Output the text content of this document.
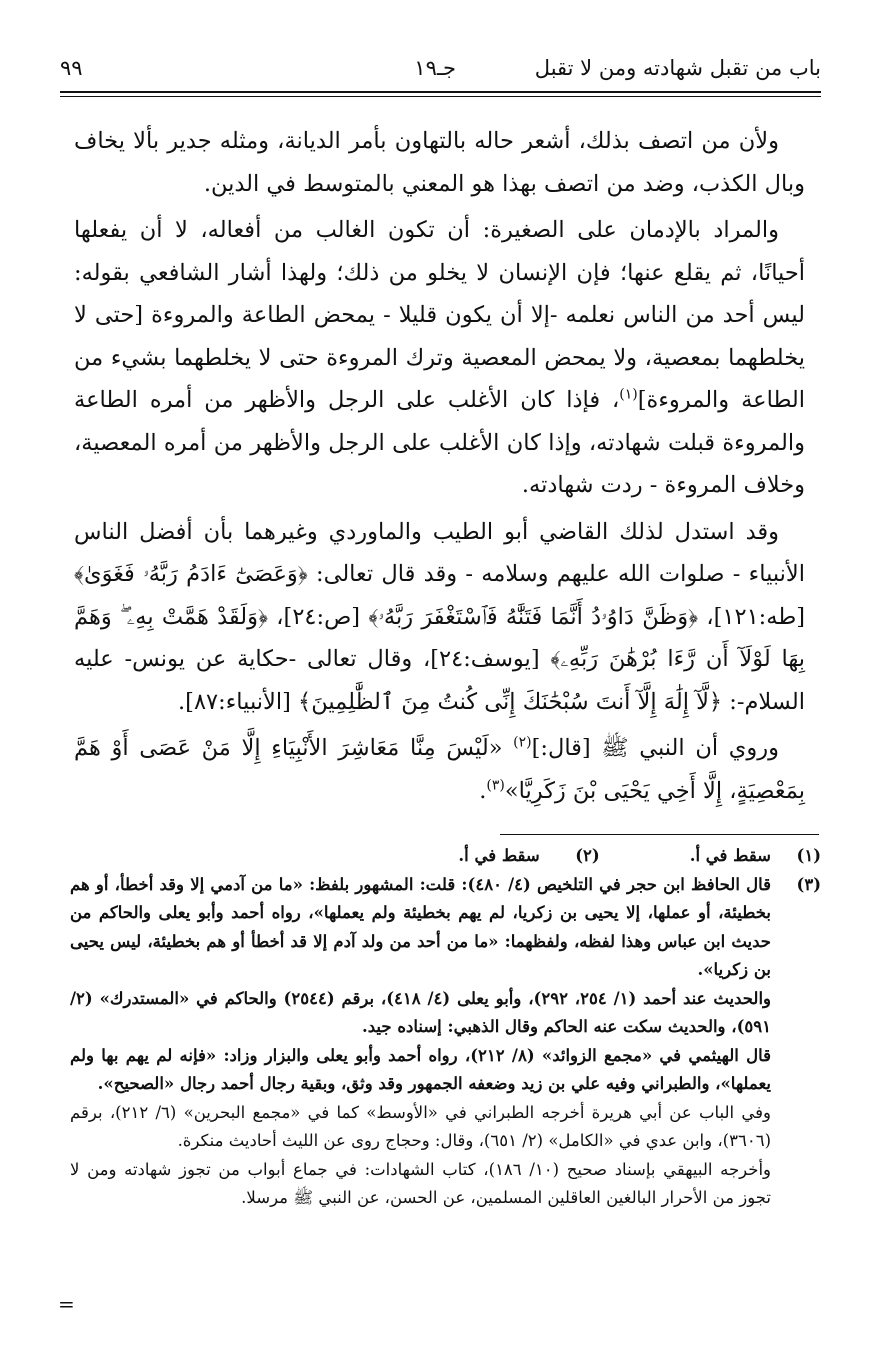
باب من تقبل شهادته ومن لا تقبل
جـ١٩
٩٩

ولأن من اتصف بذلك، أشعر حاله بالتهاون بأمر الديانة، ومثله جدير بألا يخاف وبال الكذب، وضد من اتصف بهذا هو المعني بالمتوسط في الدين.

والمراد بالإدمان على الصغيرة: أن تكون الغالب من أفعاله، لا أن يفعلها أحيانًا، ثم يقلع عنها؛ فإن الإنسان لا يخلو من ذلك؛ ولهذا أشار الشافعي بقوله: ليس أحد من الناس نعلمه -إلا أن يكون قليلا - يمحض الطاعة والمروءة [حتى لا يخلطهما بمعصية، ولا يمحض المعصية وترك المروءة حتى لا يخلطهما بشيء من الطاعة والمروءة]$^{(١)}$، فإذا كان الأغلب على الرجل والأظهر من أمره الطاعة والمروءة قبلت شهادته، وإذا كان الأغلب على الرجل والأظهر من أمره المعصية، وخلاف المروءة - ردت شهادته.

وقد استدل لذلك القاضي أبو الطيب والماوردي وغيرهما بأن أفضل الناس الأنبياء - صلوات الله عليهم وسلامه - وقد قال تعالى: ﴿وَعَصَىٰٓ ءَادَمُ رَبَّهُۥ فَغَوَىٰ﴾ [طه:١٢١]، ﴿وَظَنَّ دَاوُۥدُ أَنَّمَا فَتَنَّٰهُ فَٱسْتَغْفَرَ رَبَّهُۥ﴾ [ص:٢٤]، ﴿وَلَقَدْ هَمَّتْ بِهِۦ ۖ وَهَمَّ بِهَا لَوْلَآ أَن رَّءَا بُرْهَٰنَ رَبِّهِۦ﴾ [يوسف:٢٤]، وقال تعالى -حكاية عن يونس- عليه السلام-: ﴿لَّآ إِلَٰهَ إِلَّآ أَنتَ سُبْحَٰنَكَ إِنِّى كُنتُ مِنَ ٱلظَّٰلِمِينَ﴾ [الأنبياء:٨٧].

وروي أن النبي ﷺ [قال:]$^{(٢)}$ «لَيْسَ مِنَّا مَعَاشِرَ الأَنْبِيَاءِ إِلَّا مَنْ عَصَى أَوْ هَمَّ بِمَعْصِيَةٍ، إِلَّا أَخِي يَحْيَى بْنَ زَكَرِيَّا»$^{(٣)}$.

(١)
سقط في أ.
(٢)
سقط في أ.
(٣)
قال الحافظ ابن حجر في التلخيص (٤/ ٤٨٠): قلت: المشهور بلفظ: «ما من آدمي إلا وقد أخطأ، أو هم بخطيئة، أو عملها، إلا يحيى بن زكريا، لم يهم بخطيئة ولم يعملها»، رواه أحمد وأبو يعلى والحاكم من حديث ابن عباس وهذا لفظه، ولفظهما: «ما من أحد من ولد آدم إلا قد أخطأ أو هم بخطيئة، ليس يحيى بن زكريا».
والحديث عند أحمد (١/ ٢٥٤، ٢٩٢)، وأبو يعلى (٤/ ٤١٨)، برقم (٢٥٤٤) والحاكم في «المستدرك» (٢/ ٥٩١)، والحديث سكت عنه الحاكم وقال الذهبي: إسناده جيد.
قال الهيثمي في «مجمع الزوائد» (٨/ ٢١٢)، رواه أحمد وأبو يعلى والبزار وزاد: «فإنه لم يهم بها ولم يعملها»، والطبراني وفيه علي بن زيد وضعفه الجمهور وقد وثق، وبقية رجال أحمد رجال «الصحيح».
وفي الباب عن أبي هريرة أخرجه الطبراني في «الأوسط» كما في «مجمع البحرين» (٦/ ٢١٢)، برقم (٣٦٠٦)، وابن عدي في «الكامل» (٢/ ٦٥١)، وقال: وحجاج روى عن الليث أحاديث منكرة.
وأخرجه البيهقي بإسناد صحيح (١٠/ ١٨٦)، كتاب الشهادات: في جماع أبواب من تجوز شهادته ومن لا تجوز من الأحرار البالغين العاقلين المسلمين، عن الحسن، عن النبي ﷺ مرسلا.
=
